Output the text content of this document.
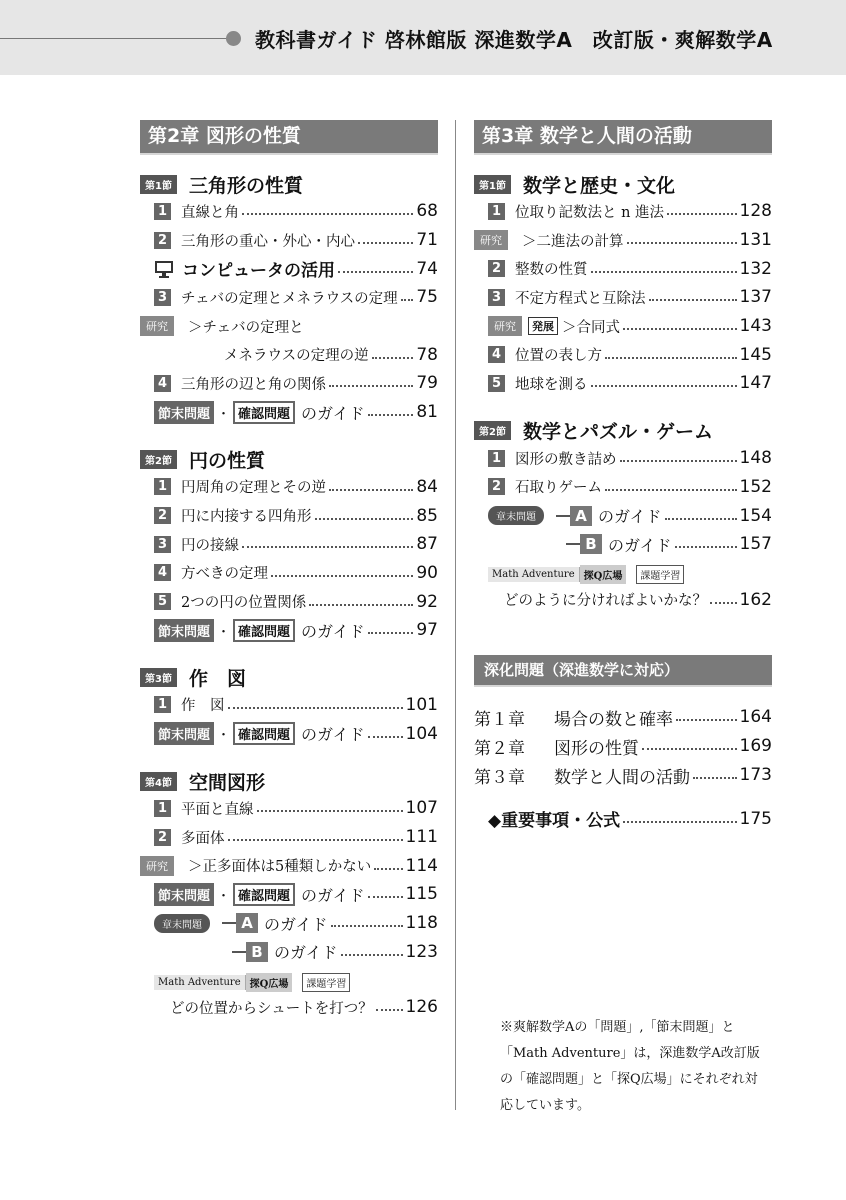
教科書ガイド 啓林館版 深進数学A　改訂版・爽解数学A
第2章 図形の性質
第1節 三角形の性質
1 直線と角	68
2 三角形の重心・外心・内心	71
コンピュータの活用	74
3 チェバの定理とメネラウスの定理 75
研究	＞チェバの定理と
メネラウスの定理の逆	78
4 三角形の辺と角の関係	79
節末問題 ・ 確認問題 のガイド	81
第2節 円の性質
1 円周角の定理とその逆	84
2 円に内接する四角形	85
3 円の接線	87
4 方べきの定理	90
5 2つの円の位置関係	92
節末問題 ・ 確認問題 のガイド	97
第3節 作　図
1 作　図	101
節末問題 ・ 確認問題 のガイド 104
第4節 空間図形
1 平面と直線	107
2 多面体	111
研究	＞正多面体は5種類しかない 114
節末問題 ・ 確認問題 のガイド 115
章末問題	A のガイド	118
B のガイド	123
Math Adventure 探Q広場	課題学習
どの位置からシュートを打つ？ 126
第3章 数学と人間の活動
第1節 数学と歴史・文化
1 位取り記数法と n 進法	128
研究	＞二進法の計算	131
2 整数の性質	132
3 不定方程式と互除法	137
研究	発展 ＞合同式	143
4 位置の表し方	145
5 地球を測る	147
第2節 数学とパズル・ゲーム
1 図形の敷き詰め	148
2 石取りゲーム	152
章末問題	A のガイド	154
B のガイド	157
Math Adventure 探Q広場	課題学習
どのように分ければよいかな？ 162
深化問題（深進数学に対応）
第１章	場合の数と確率	164
第２章	図形の性質	169
第３章	数学と人間の活動	173
◆重要事項・公式	175
※爽解数学Aの「問題」,「節末問題」と「Math Adventure」は，深進数学A改訂版の「確認問題」と「探Q広場」にそれぞれ対応しています。
